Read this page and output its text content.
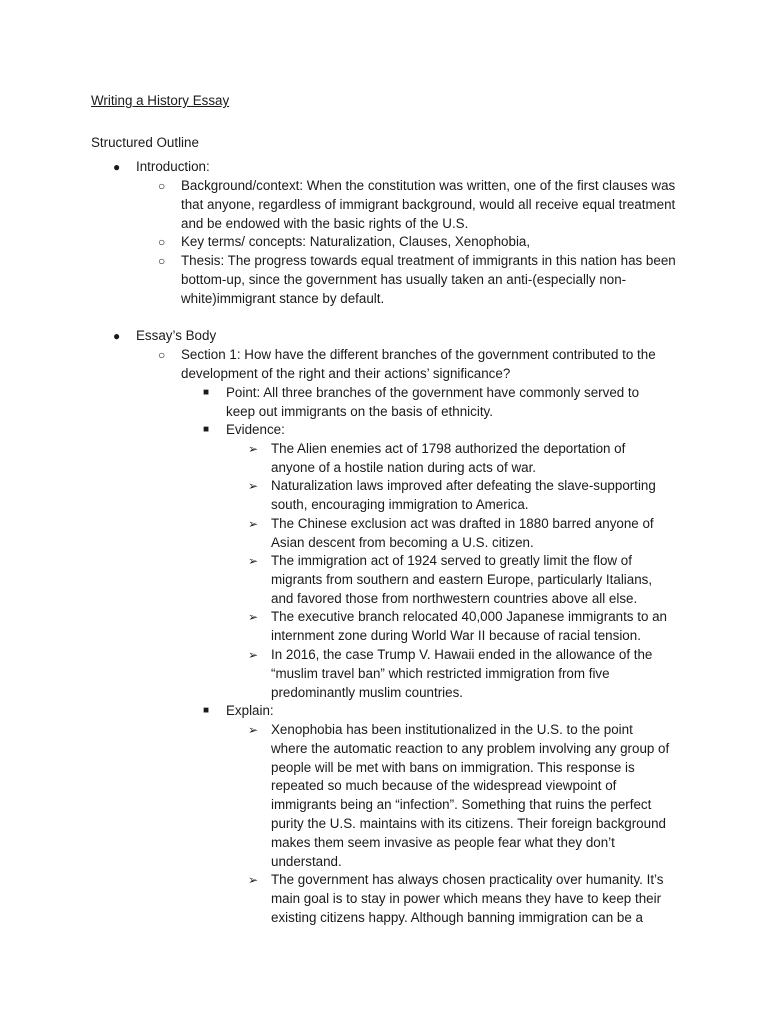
Writing a History Essay
Structured Outline
● Introduction:
○ Background/context: When the constitution was written, one of the first clauses was that anyone, regardless of immigrant background, would all receive equal treatment and be endowed with the basic rights of the U.S.
○ Key terms/ concepts: Naturalization, Clauses, Xenophobia,
○ Thesis: The progress towards equal treatment of immigrants in this nation has been bottom-up, since the government has usually taken an anti-(especially non-white)immigrant stance by default.
● Essay’s Body
○ Section 1: How have the different branches of the government contributed to the development of the right and their actions’ significance?
■ Point: All three branches of the government have commonly served to keep out immigrants on the basis of ethnicity.
■ Evidence:
➢ The Alien enemies act of 1798 authorized the deportation of anyone of a hostile nation during acts of war.
➢ Naturalization laws improved after defeating the slave-supporting south, encouraging immigration to America.
➢ The Chinese exclusion act was drafted in 1880 barred anyone of Asian descent from becoming a U.S. citizen.
➢ The immigration act of 1924 served to greatly limit the flow of migrants from southern and eastern Europe, particularly Italians, and favored those from northwestern countries above all else.
➢ The executive branch relocated 40,000 Japanese immigrants to an internment zone during World War II because of racial tension.
➢ In 2016, the case Trump V. Hawaii ended in the allowance of the “muslim travel ban” which restricted immigration from five predominantly muslim countries.
■ Explain:
➢ Xenophobia has been institutionalized in the U.S. to the point where the automatic reaction to any problem involving any group of people will be met with bans on immigration. This response is repeated so much because of the widespread viewpoint of immigrants being an “infection”. Something that ruins the perfect purity the U.S. maintains with its citizens. Their foreign background makes them seem invasive as people fear what they don’t understand.
➢ The government has always chosen practicality over humanity. It’s main goal is to stay in power which means they have to keep their existing citizens happy. Although banning immigration can be a
